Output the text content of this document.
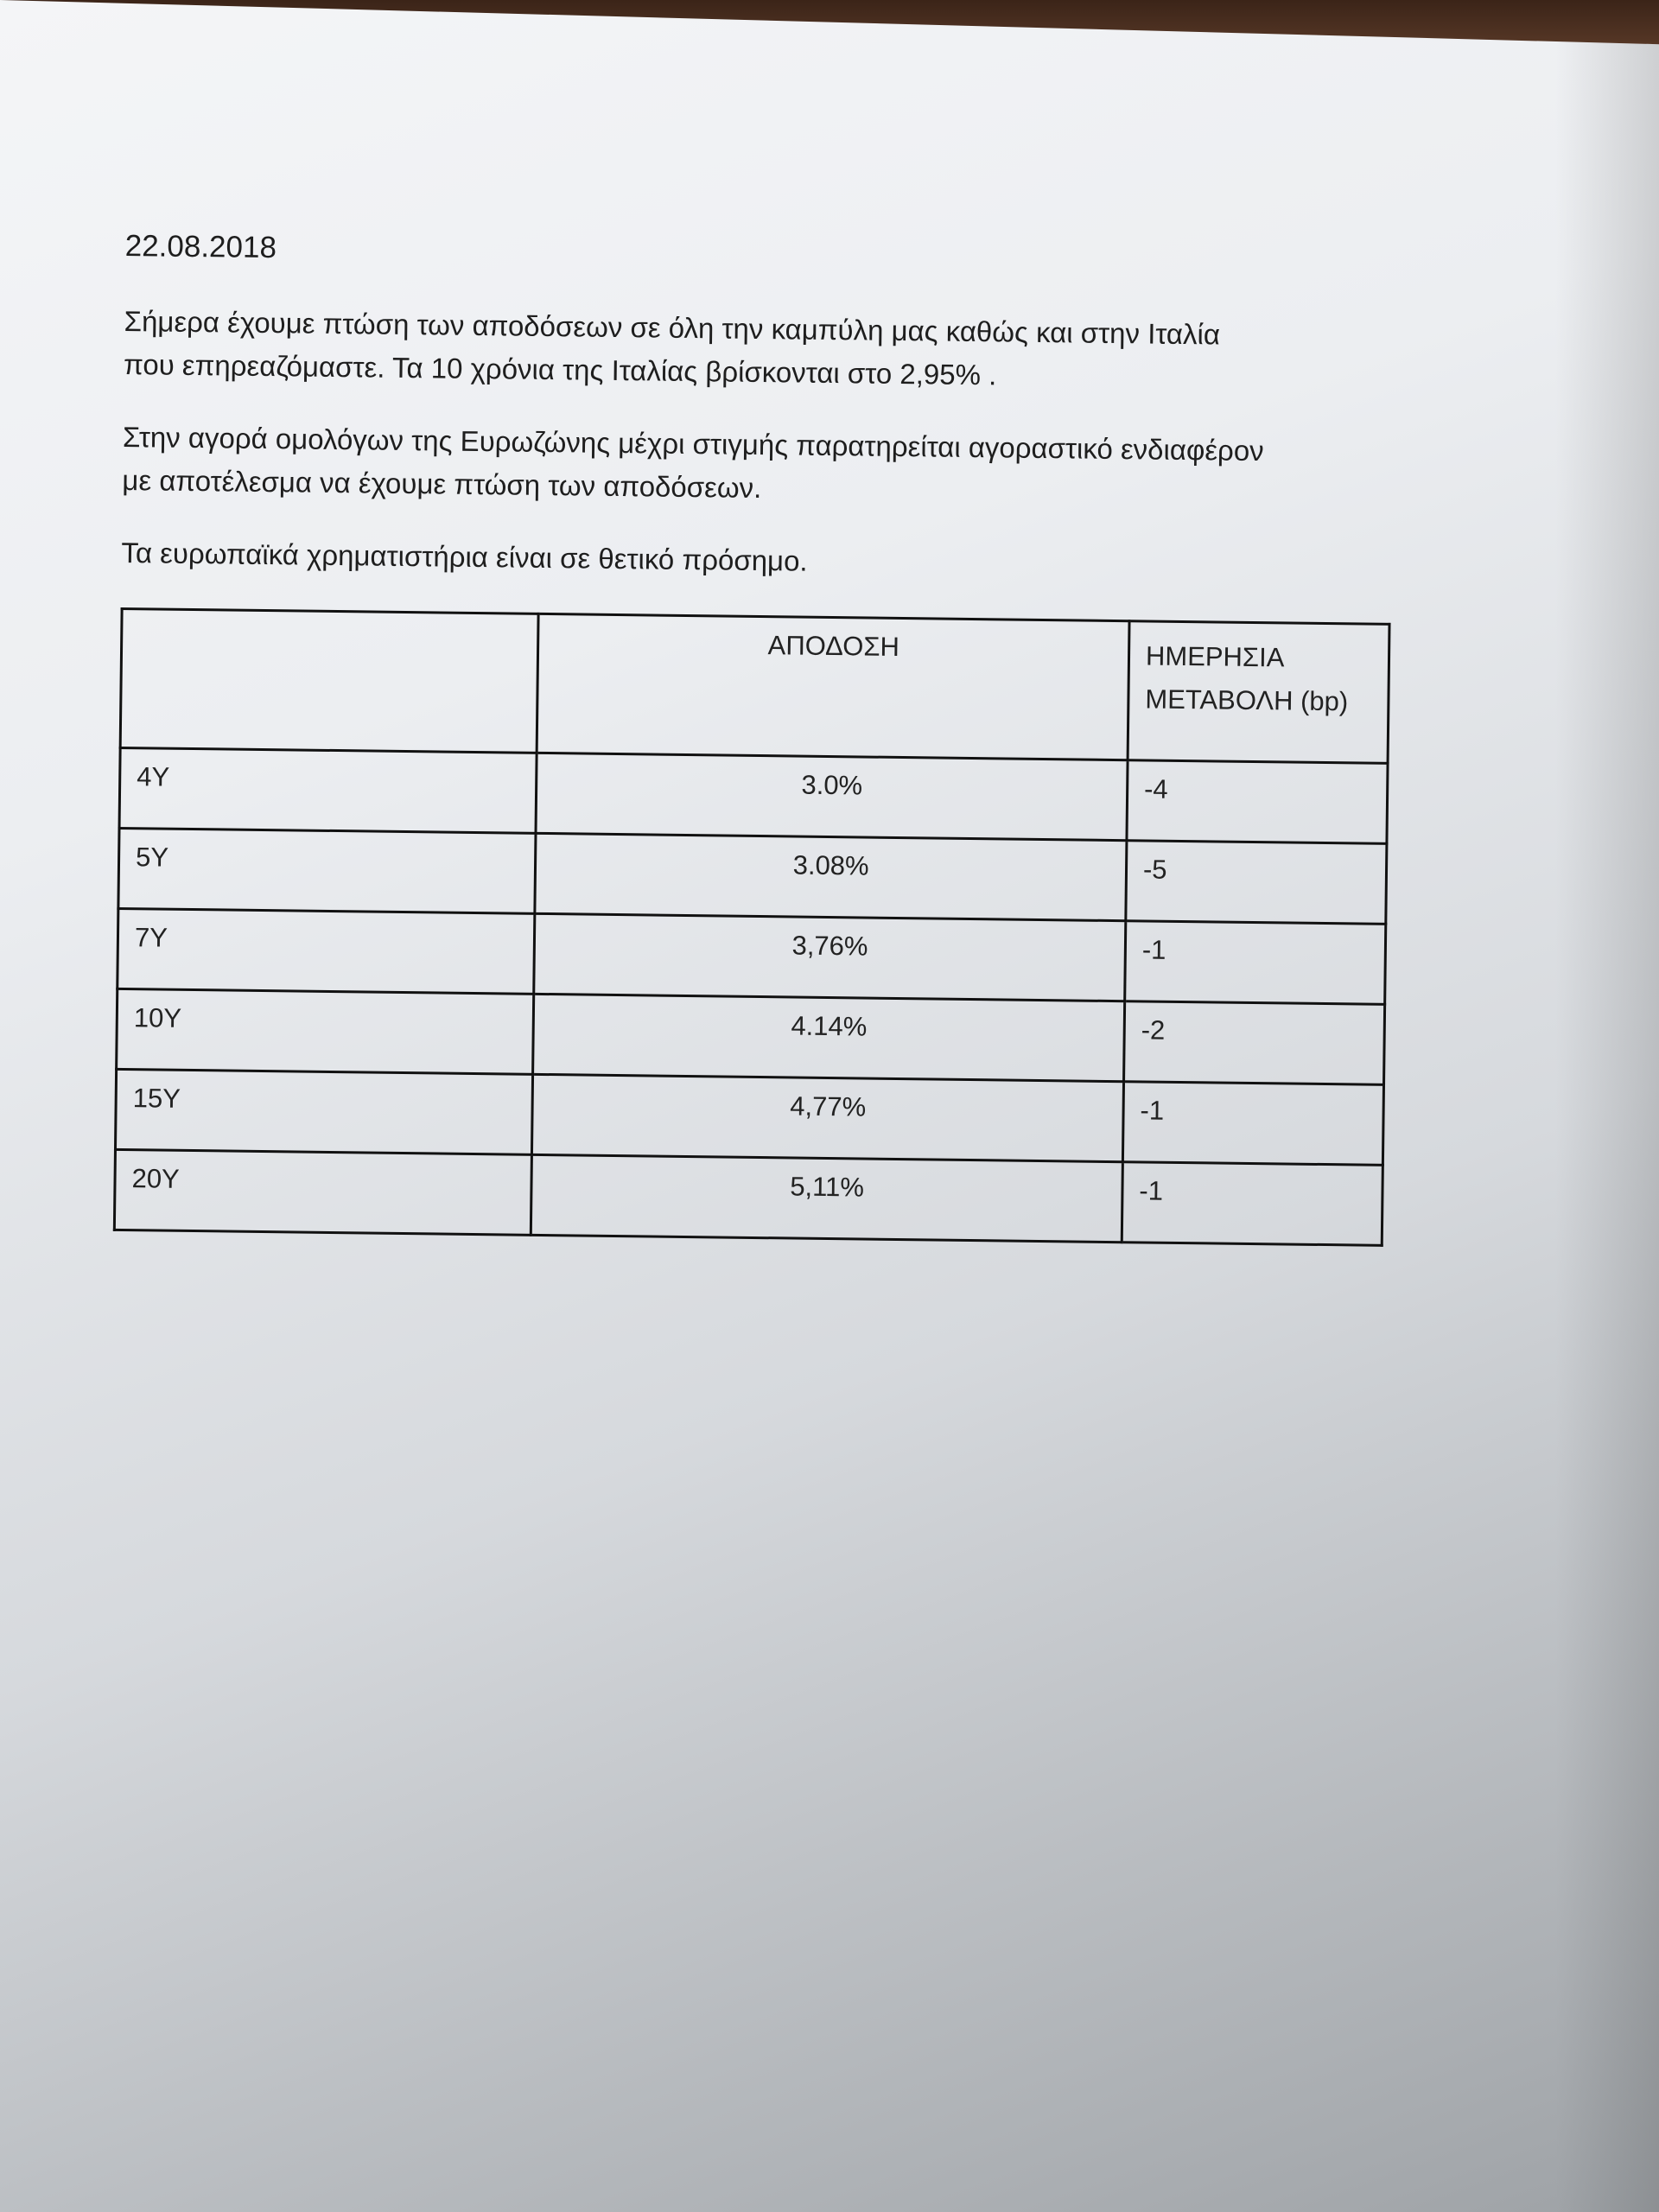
22.08.2018

Σήμερα έχουμε πτώση των αποδόσεων σε όλη την καμπύλη μας καθώς και στην Ιταλία
που επηρεαζόμαστε. Τα 10 χρόνια της Ιταλίας βρίσκονται στο 2,95% .

Στην αγορά ομολόγων της Ευρωζώνης μέχρι στιγμής παρατηρείται αγοραστικό ενδιαφέρον
με αποτέλεσμα να έχουμε πτώση των αποδόσεων.

Τα ευρωπαϊκά χρηματιστήρια είναι σε θετικό πρόσημο.

	ΑΠΟΔΟΣΗ	ΗΜΕΡΗΣΙΑ ΜΕΤΑΒΟΛΗ (bp)
4Y	3.0%	-4
5Y	3.08%	-5
7Y	3,76%	-1
10Y	4.14%	-2
15Y	4,77%	-1
20Y	5,11%	-1
